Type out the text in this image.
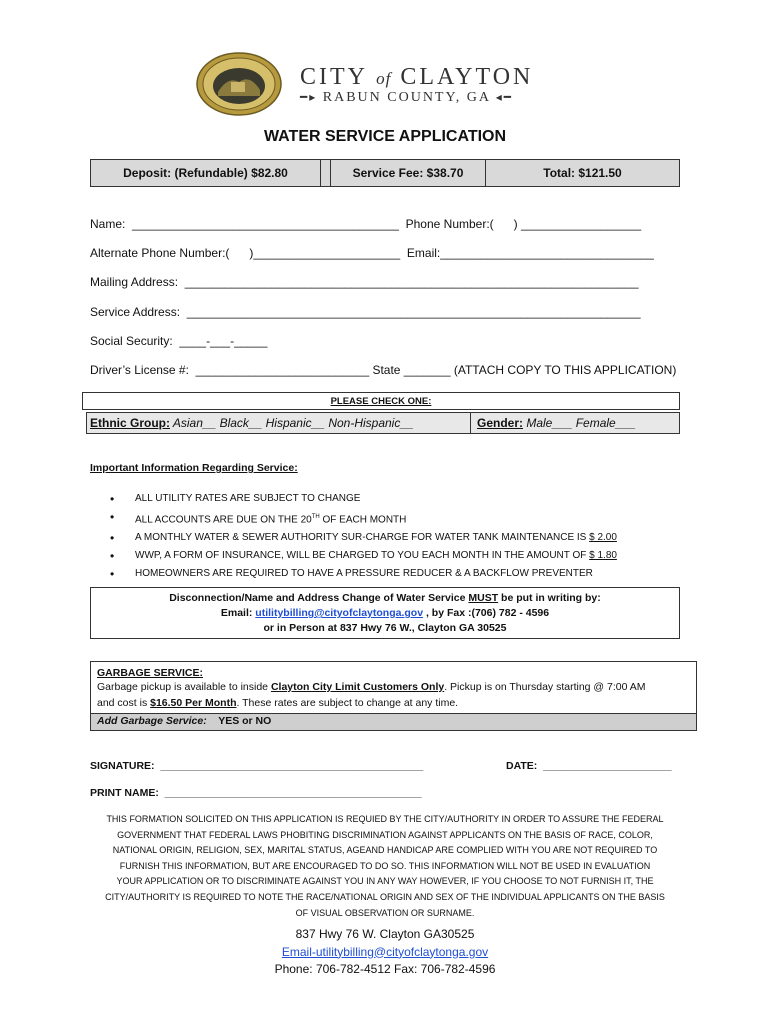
CITY of CLAYTON
━▸ RABUN COUNTY, GA ◂━
WATER SERVICE APPLICATION
Deposit: (Refundable) $82.80	Service Fee: $38.70	Total: $121.50
Name:  ________________________________________  Phone Number:(      ) __________________
Alternate Phone Number:(      )______________________  Email:________________________________
Mailing Address:  ____________________________________________________________________
Service Address:  ____________________________________________________________________
Social Security:  ____-___-_____
Driver’s License #:  __________________________ State _______ (ATTACH COPY TO THIS APPLICATION)
PLEASE CHECK ONE:
Ethnic Group: Asian__ Black__ Hispanic__ Non-Hispanic__	Gender: Male___ Female___
Important Information Regarding Service:
• ALL UTILITY RATES ARE SUBJECT TO CHANGE
• ALL ACCOUNTS ARE DUE ON THE 20TH OF EACH MONTH
• A MONTHLY WATER & SEWER AUTHORITY SUR-CHARGE FOR WATER TANK MAINTENANCE IS $ 2.00
• WWP, A FORM OF INSURANCE, WILL BE CHARGED TO YOU EACH MONTH IN THE AMOUNT OF $ 1.80
• HOMEOWNERS ARE REQUIRED TO HAVE A PRESSURE REDUCER & A BACKFLOW PREVENTER
Disconnection/Name and Address Change of Water Service MUST be put in writing by:
Email: utilitybilling@cityofclaytonga.gov , by Fax :(706) 782 - 4596
or in Person at 837 Hwy 76 W., Clayton GA 30525
GARBAGE SERVICE:
Garbage pickup is available to inside Clayton City Limit Customers Only. Pickup is on Thursday starting @ 7:00 AM
and cost is $16.50 Per Month. These rates are subject to change at any time.
Add Garbage Service:    YES or NO
SIGNATURE:  _____________________________________________	DATE:  ______________________
PRINT NAME:  ____________________________________________
THIS FORMATION SOLICITED ON THIS APPLICATION IS REQUIED BY THE CITY/AUTHORITY IN ORDER TO ASSURE THE FEDERAL
GOVERNMENT THAT FEDERAL LAWS PHOBITING DISCRIMINATION AGAINST APPLICANTS ON THE BASIS OF RACE, COLOR,
NATIONAL ORIGIN, RELIGION, SEX, MARITAL STATUS, AGEAND HANDICAP ARE COMPLIED WITH YOU ARE NOT REQUIRED TO
FURNISH THIS INFORMATION, BUT ARE ENCOURAGED TO DO SO. THIS INFORMATION WILL NOT BE USED IN EVALUATION
YOUR APPLICATION OR TO DISCRIMINATE AGAINST YOU IN ANY WAY HOWEVER, IF YOU CHOOSE TO NOT FURNISH IT, THE
CITY/AUTHORITY IS REQUIRED TO NOTE THE RACE/NATIONAL ORIGIN AND SEX OF THE INDIVIDUAL APPLICANTS ON THE BASIS
OF VISUAL OBSERVATION OR SURNAME.
837 Hwy 76 W. Clayton GA30525
Email-utilitybilling@cityofclaytonga.gov
Phone: 706-782-4512 Fax: 706-782-4596
